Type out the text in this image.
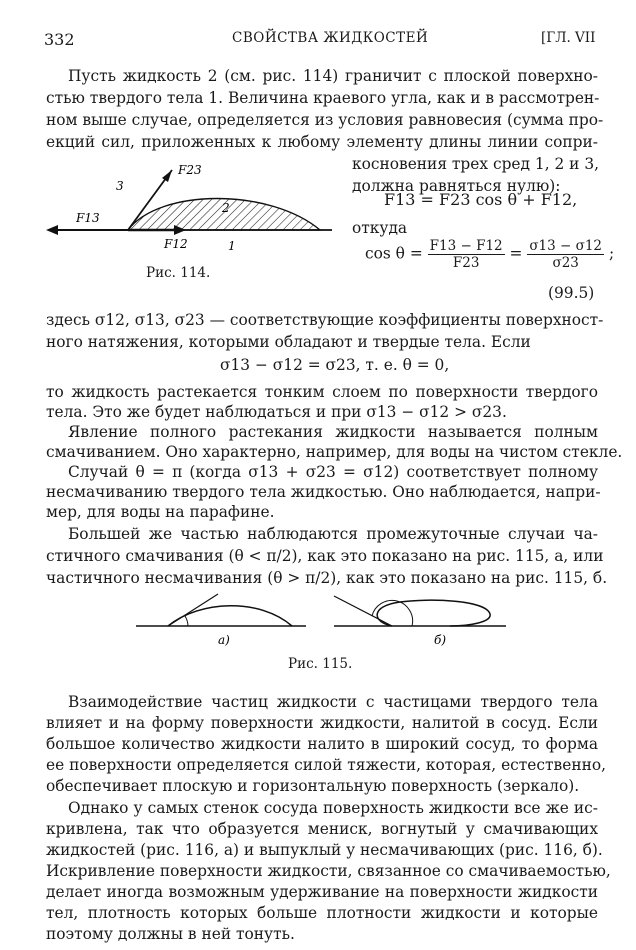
332	СВОЙСТВА ЖИДКОСТЕЙ	[ГЛ. VII
Пусть жидкость 2 (см. рис. 114) граничит с плоской поверхно-
стью твердого тела 1. Величина краевого угла, как и в рассмотрен-
ном выше случае, определяется из условия равновесия (сумма про-
екций сил, приложенных к любому элементу длины линии сопри-
косновения трех сред 1, 2 и 3,
должна равняться нулю):
F13 = F23 cos θ + F12,
откуда
$\cos \theta = \frac{F13 - F12}{F23} = \frac{\sigma 13 - \sigma 12}{\sigma 23}$ ;
(99.5)
F23
3
2
F13
F12	1
Рис. 114.
здесь σ12, σ13, σ23 — соответствующие коэффициенты поверхност-
ного натяжения, которыми обладают и твердые тела. Если
σ13 − σ12 = σ23, т. е. θ = 0,
то жидкость растекается тонким слоем по поверхности твердого
тела. Это же будет наблюдаться и при σ13 − σ12 > σ23.
Явление полного растекания жидкости называется полным
смачиванием. Оно характерно, например, для воды на чистом стекле.
Случай θ = π (когда σ13 + σ23 = σ12) соответствует полному
несмачиванию твердого тела жидкостью. Оно наблюдается, напри-
мер, для воды на парафине.
Большей же частью наблюдаются промежуточные случаи ча-
стичного смачивания (θ < π/2), как это показано на рис. 115, а, или
частичного несмачивания (θ > π/2), как это показано на рис. 115, б.
а)	б)
Рис. 115.
Взаимодействие частиц жидкости с частицами твердого тела
влияет и на форму поверхности жидкости, налитой в сосуд. Если
большое количество жидкости налито в широкий сосуд, то форма
ее поверхности определяется силой тяжести, которая, естественно,
обеспечивает плоскую и горизонтальную поверхность (зеркало).
Однако у самых стенок сосуда поверхность жидкости все же ис-
кривлена, так что образуется мениск, вогнутый у смачивающих
жидкостей (рис. 116, а) и выпуклый у несмачивающих (рис. 116, б).
Искривление поверхности жидкости, связанное со смачиваемостью,
делает иногда возможным удерживание на поверхности жидкости
тел, плотность которых больше плотности жидкости и которые
поэтому должны в ней тонуть.
